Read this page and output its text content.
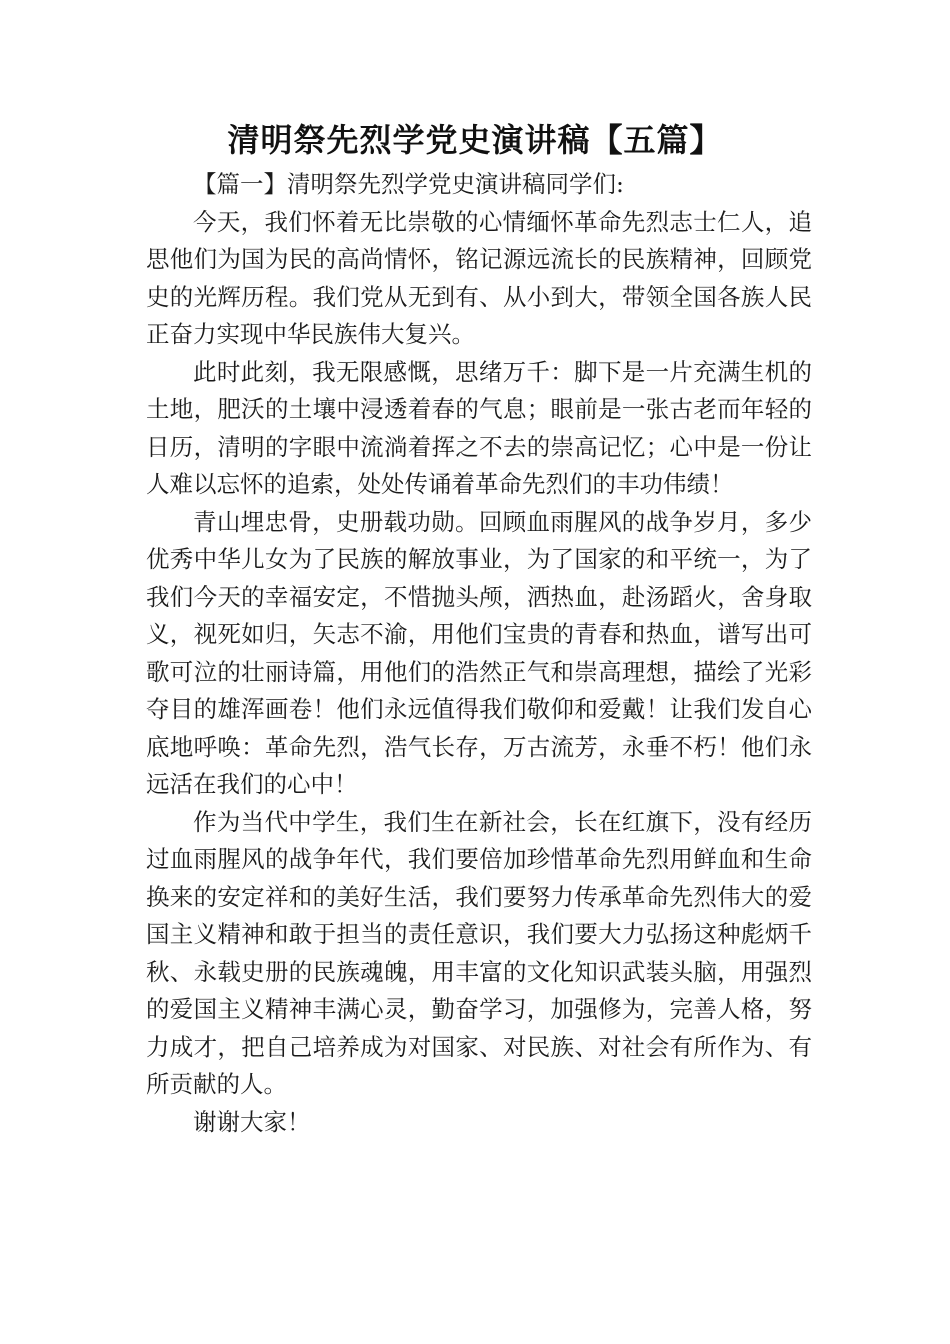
清明祭先烈学党史演讲稿【五篇】

【篇一】清明祭先烈学党史演讲稿同学们:

今天，我们怀着无比崇敬的心情缅怀革命先烈志士仁人，追思他们为国为民的高尚情怀，铭记源远流长的民族精神，回顾党史的光辉历程。我们党从无到有、从小到大，带领全国各族人民正奋力实现中华民族伟大复兴。

此时此刻，我无限感慨，思绪万千：脚下是一片充满生机的土地，肥沃的土壤中浸透着春的气息；眼前是一张古老而年轻的日历，清明的字眼中流淌着挥之不去的崇高记忆；心中是一份让人难以忘怀的追索，处处传诵着革命先烈们的丰功伟绩！

青山埋忠骨，史册载功勋。回顾血雨腥风的战争岁月，多少优秀中华儿女为了民族的解放事业，为了国家的和平统一，为了我们今天的幸福安定，不惜抛头颅，洒热血，赴汤蹈火，舍身取义，视死如归，矢志不渝，用他们宝贵的青春和热血，谱写出可歌可泣的壮丽诗篇，用他们的浩然正气和崇高理想，描绘了光彩夺目的雄浑画卷！他们永远值得我们敬仰和爱戴！让我们发自心底地呼唤：革命先烈，浩气长存，万古流芳，永垂不朽！他们永远活在我们的心中！

作为当代中学生，我们生在新社会，长在红旗下，没有经历过血雨腥风的战争年代，我们要倍加珍惜革命先烈用鲜血和生命换来的安定祥和的美好生活，我们要努力传承革命先烈伟大的爱国主义精神和敢于担当的责任意识，我们要大力弘扬这种彪炳千秋、永载史册的民族魂魄，用丰富的文化知识武装头脑，用强烈的爱国主义精神丰满心灵，勤奋学习，加强修为，完善人格，努力成才，把自己培养成为对国家、对民族、对社会有所作为、有所贡献的人。

谢谢大家！
